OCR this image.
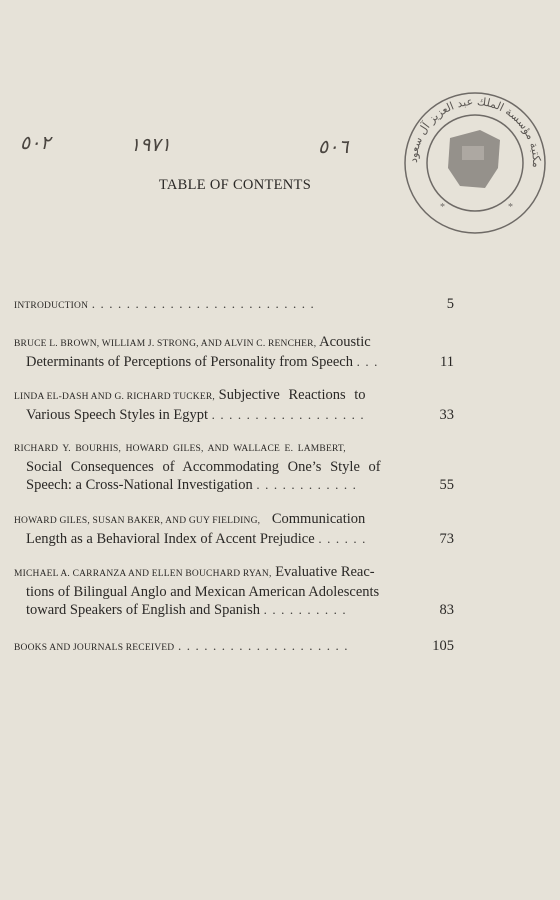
٥٠٢	١٩٧١	٥٠٦
مكتبة مؤسسة الملك عبد العزيز آل سعود
*	*
TABLE OF CONTENTS
INTRODUCTION ..........................	5
BRUCE L. BROWN, WILLIAM J. STRONG, AND ALVIN C. RENCHER, Acoustic
Determinants of Perceptions of Personality from Speech ...	11
LINDA EL-DASH AND G. RICHARD TUCKER, Subjective Reactions to
Various Speech Styles in Egypt ..................	33
RICHARD Y. BOURHIS, HOWARD GILES, AND WALLACE E. LAMBERT,
Social Consequences of Accommodating One’s Style of
Speech: a Cross-National Investigation ............	55
HOWARD GILES, SUSAN BAKER, AND GUY FIELDING, Communication
Length as a Behavioral Index of Accent Prejudice ......	73
MICHAEL A. CARRANZA AND ELLEN BOUCHARD RYAN, Evaluative Reac-
tions of Bilingual Anglo and Mexican American Adolescents
toward Speakers of English and Spanish ..........	83
BOOKS AND JOURNALS RECEIVED ....................	105
